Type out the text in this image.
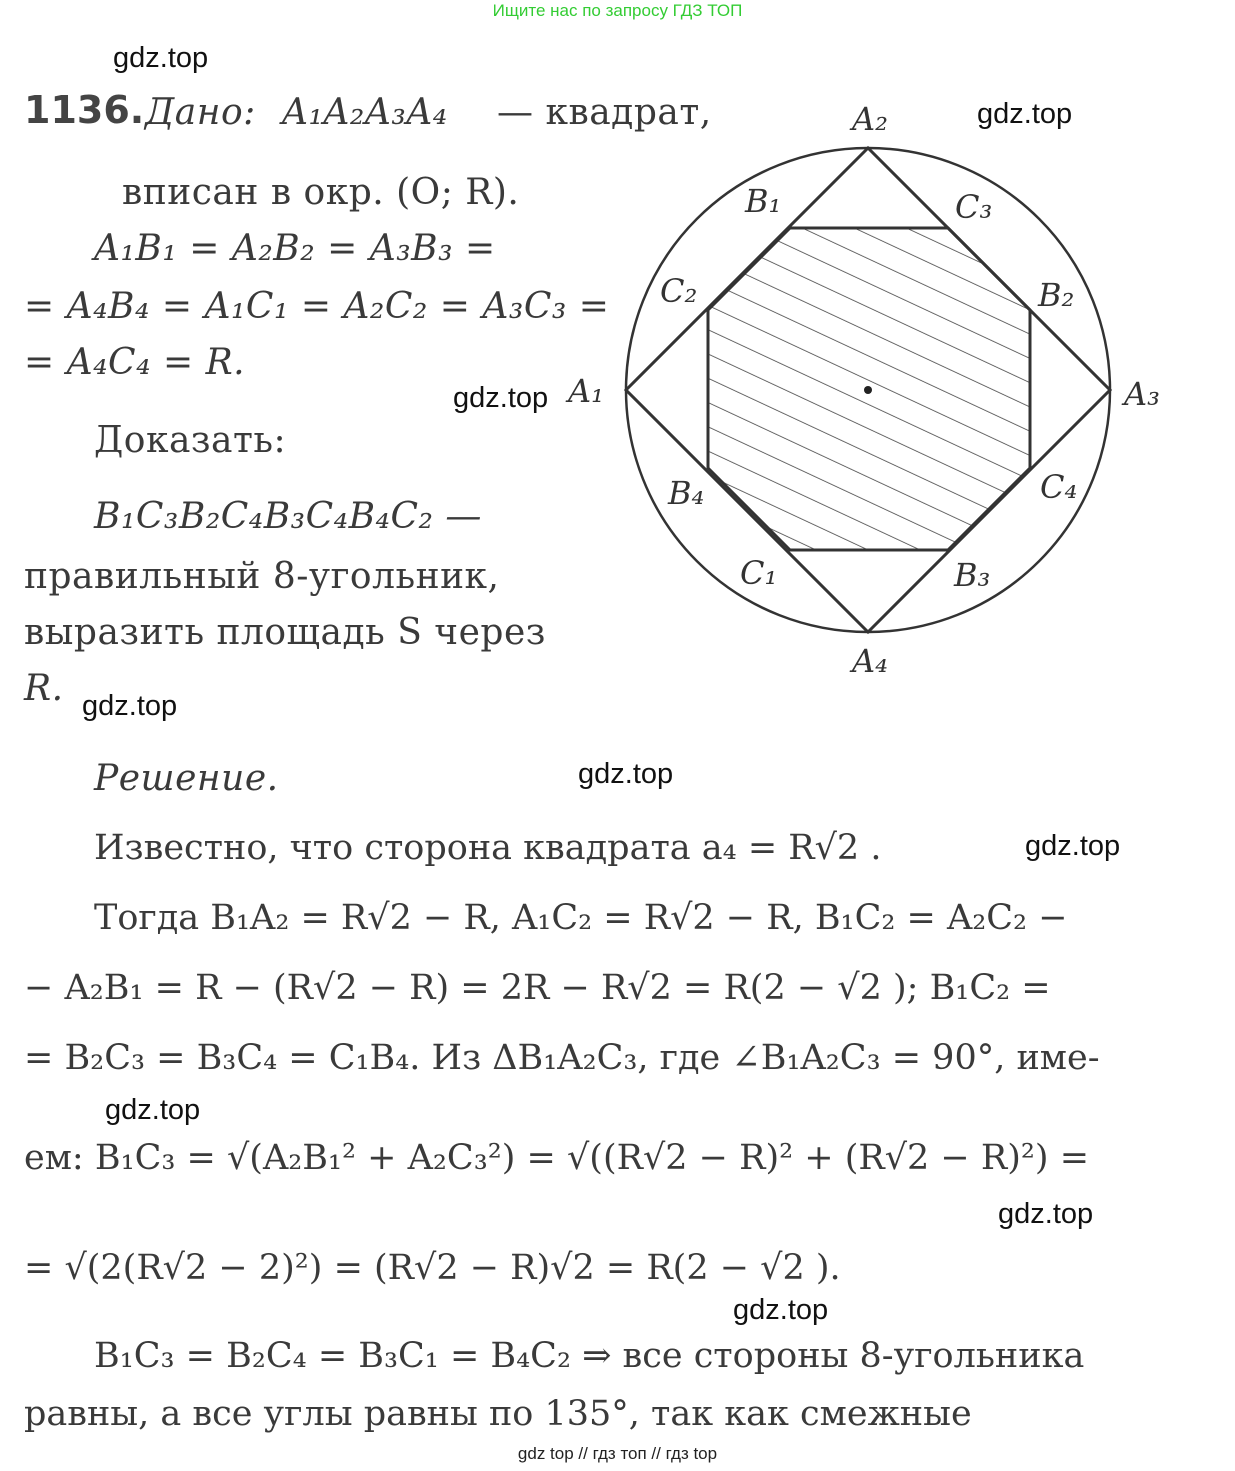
Ищите нас по запросу ГДЗ ТОП
gdz.top
gdz.top
gdz.top
gdz.top
gdz.top
gdz.top
gdz.top
gdz.top
gdz.top
1136. Дано: A₁A₂A₃A₄ — квадрат,
вписан в окр. (O; R).
A₁B₁ = A₂B₂ = A₃B₃ =
= A₄B₄ = A₁C₁ = A₂C₂ = A₃C₃ =
= A₄C₄ = R.
Доказать:
B₁C₃B₂C₄B₃C₄B₄C₂ —
правильный 8-угольник,
выразить площадь S через
R.
A₂
A₁	A₃
A₄
B₁	C₃
C₂	B₂
B₄	C₄
C₁	B₃
Решение.
Известно, что сторона квадрата a₄ = R√2 .
Тогда B₁A₂ = R√2 − R, A₁C₂ = R√2 − R, B₁C₂ = A₂C₂ −
− A₂B₁ = R − (R√2 − R) = 2R − R√2 = R(2 − √2 ); B₁C₂ =
= B₂C₃ = B₃C₄ = C₁B₄. Из ΔB₁A₂C₃, где ∠B₁A₂C₃ = 90°, име-
ем: B₁C₃ = √(A₂B₁² + A₂C₃²) = √((R√2 − R)² + (R√2 − R)²) =
= √(2(R√2 − 2)²) = (R√2 − R)√2 = R(2 − √2 ).
B₁C₃ = B₂C₄ = B₃C₁ = B₄C₂ ⇒ все стороны 8-угольника
равны, а все углы равны по 135°, так как смежные
gdz top // гдз топ // гдз top
